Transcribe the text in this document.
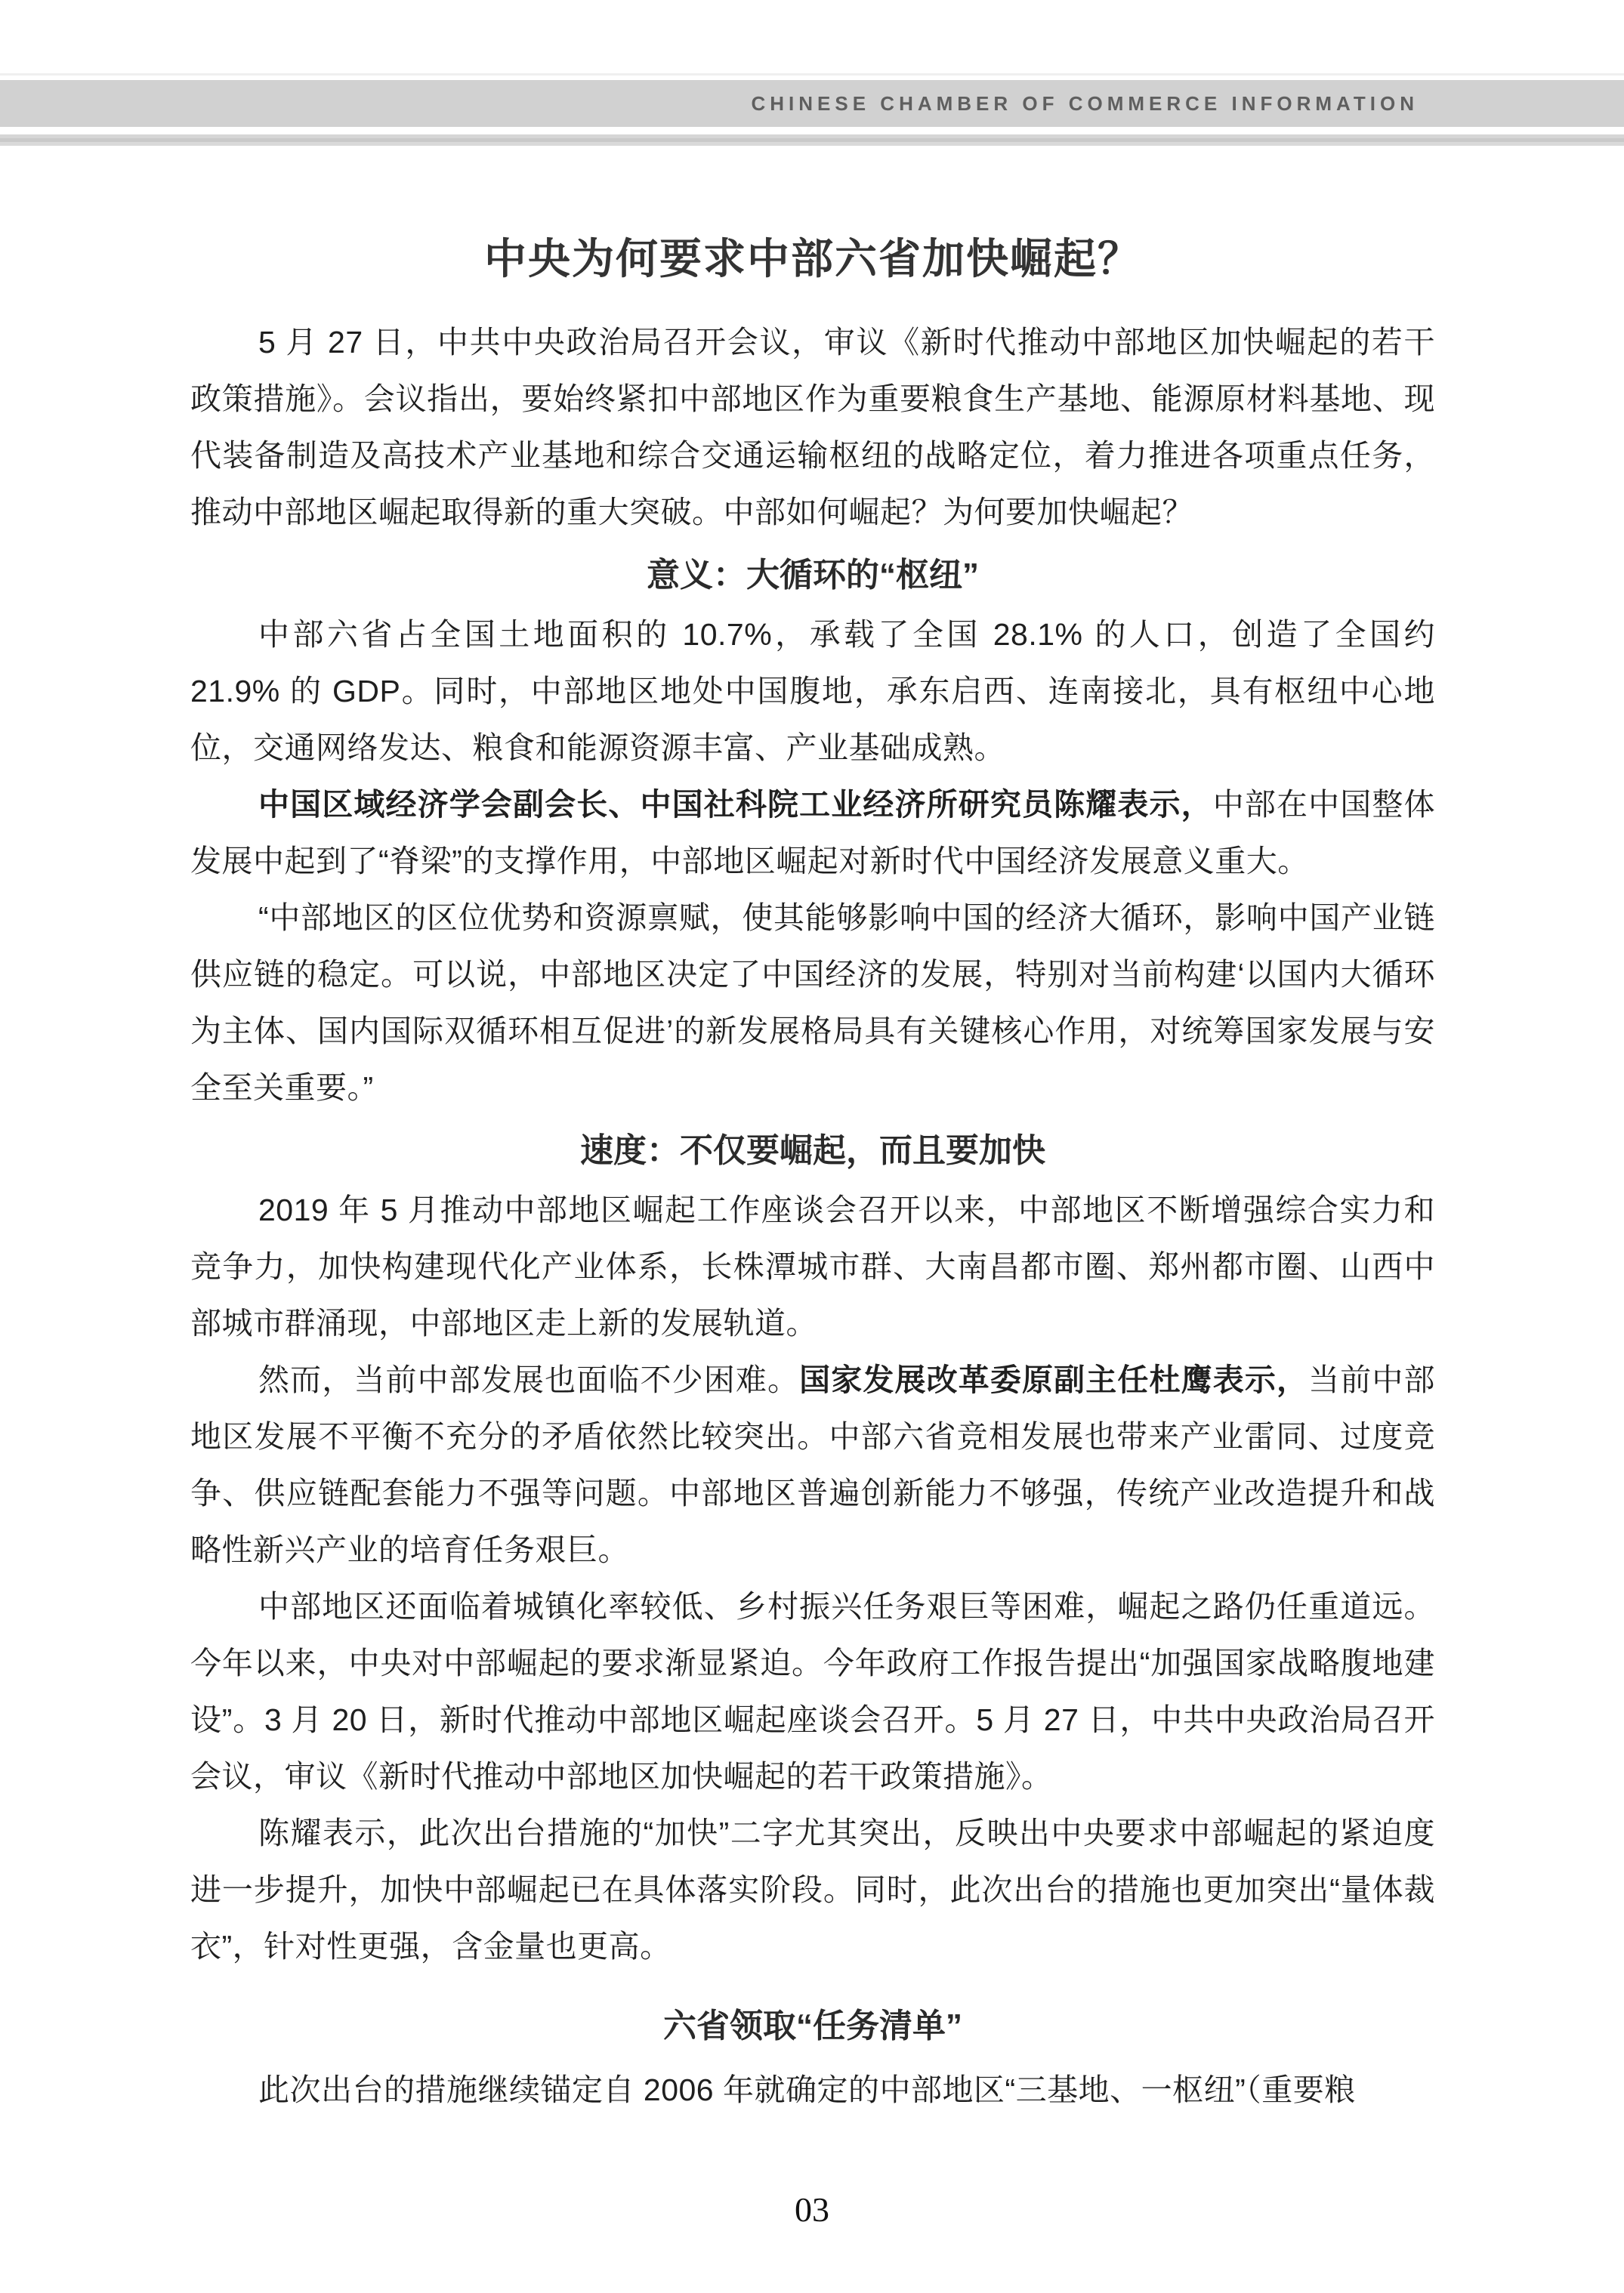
CHINESE CHAMBER OF COMMERCE INFORMATION
中央为何要求中部六省加快崛起？

5 月 27 日，中共中央政治局召开会议，审议《新时代推动中部地区加快崛起的若干政策措施》。会议指出，要始终紧扣中部地区作为重要粮食生产基地、能源原材料基地、现代装备制造及高技术产业基地和综合交通运输枢纽的战略定位，着力推进各项重点任务，推动中部地区崛起取得新的重大突破。中部如何崛起？为何要加快崛起？

意义：大循环的“枢纽”

中部六省占全国土地面积的 10.7%，承载了全国 28.1% 的人口，创造了全国约 21.9% 的 GDP。同时，中部地区地处中国腹地，承东启西、连南接北，具有枢纽中心地位，交通网络发达、粮食和能源资源丰富、产业基础成熟。

中国区域经济学会副会长、中国社科院工业经济所研究员陈耀表示，中部在中国整体发展中起到了“脊梁”的支撑作用，中部地区崛起对新时代中国经济发展意义重大。

“中部地区的区位优势和资源禀赋，使其能够影响中国的经济大循环，影响中国产业链供应链的稳定。可以说，中部地区决定了中国经济的发展，特别对当前构建‘以国内大循环为主体、国内国际双循环相互促进’的新发展格局具有关键核心作用，对统筹国家发展与安全至关重要。”

速度：不仅要崛起，而且要加快

2019 年 5 月推动中部地区崛起工作座谈会召开以来，中部地区不断增强综合实力和竞争力，加快构建现代化产业体系，长株潭城市群、大南昌都市圈、郑州都市圈、山西中部城市群涌现，中部地区走上新的发展轨道。

然而，当前中部发展也面临不少困难。国家发展改革委原副主任杜鹰表示，当前中部地区发展不平衡不充分的矛盾依然比较突出。中部六省竞相发展也带来产业雷同、过度竞争、供应链配套能力不强等问题。中部地区普遍创新能力不够强，传统产业改造提升和战略性新兴产业的培育任务艰巨。

中部地区还面临着城镇化率较低、乡村振兴任务艰巨等困难，崛起之路仍任重道远。今年以来，中央对中部崛起的要求渐显紧迫。今年政府工作报告提出“加强国家战略腹地建设”。3 月 20 日，新时代推动中部地区崛起座谈会召开。5 月 27 日，中共中央政治局召开会议，审议《新时代推动中部地区加快崛起的若干政策措施》。

陈耀表示，此次出台措施的“加快”二字尤其突出，反映出中央要求中部崛起的紧迫度进一步提升，加快中部崛起已在具体落实阶段。同时，此次出台的措施也更加突出“量体裁衣”，针对性更强，含金量也更高。

六省领取“任务清单”

此次出台的措施继续锚定自 2006 年就确定的中部地区“三基地、一枢纽”（重要粮

03
